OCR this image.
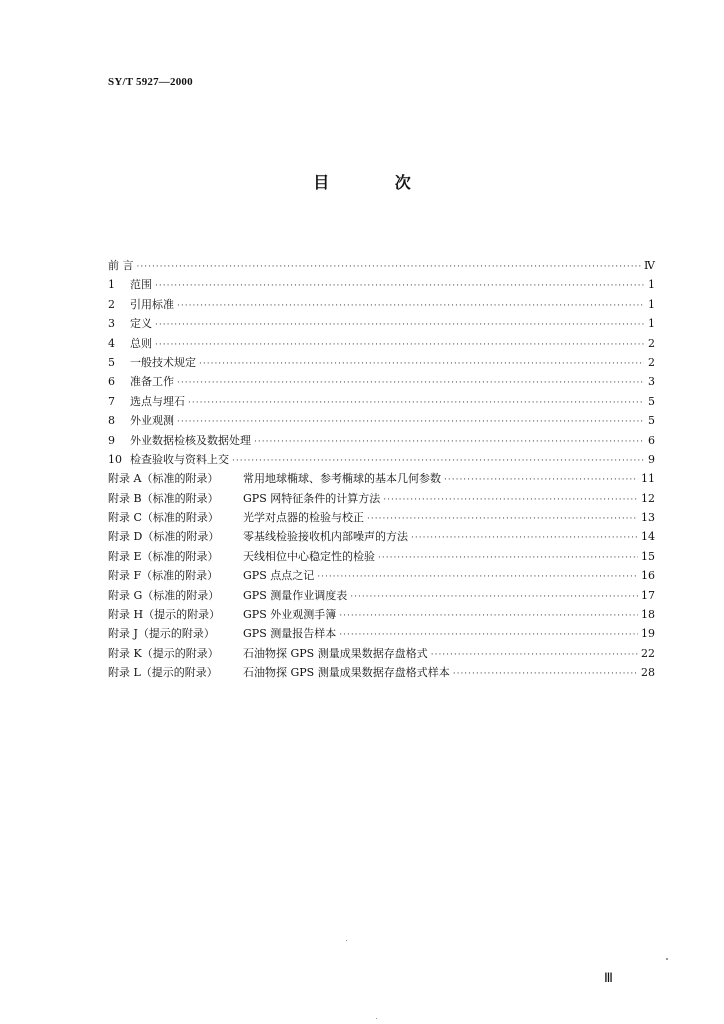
SY/T 5927—2000
目 次
前 言 ·····	Ⅳ
1	范围 ·····	1
2	引用标准 ·····	1
3	定义 ·····	1
4	总则 ·····	2
5	一般技术规定 ·····	2
6	准备工作 ·····	3
7	选点与埋石 ·····	5
8	外业观测 ·····	5
9	外业数据检核及数据处理 ·····	6
10 检查验收与资料上交 ·····	9
附录 A（标准的附录）	常用地球椭球、参考椭球的基本几何参数 ·····	11
附录 B（标准的附录）	GPS 网特征条件的计算方法 ·····	12
附录 C（标准的附录）	光学对点器的检验与校正 ·····	13
附录 D（标准的附录）	零基线检验接收机内部噪声的方法 ·····	14
附录 E（标准的附录）	天线相位中心稳定性的检验 ·····	15
附录 F（标准的附录）	GPS 点点之记 ·····	16
附录 G（标准的附录）	GPS 测量作业调度表 ·····	17
附录 H（提示的附录）	GPS 外业观测手簿 ·····	18
附录 J（提示的附录）	GPS 测量报告样本 ·····	19
附录 K（提示的附录）	石油物探 GPS 测量成果数据存盘格式 ·····	22
附录 L（提示的附录）	石油物探 GPS 测量成果数据存盘格式样本 ·····	28
Ⅲ
